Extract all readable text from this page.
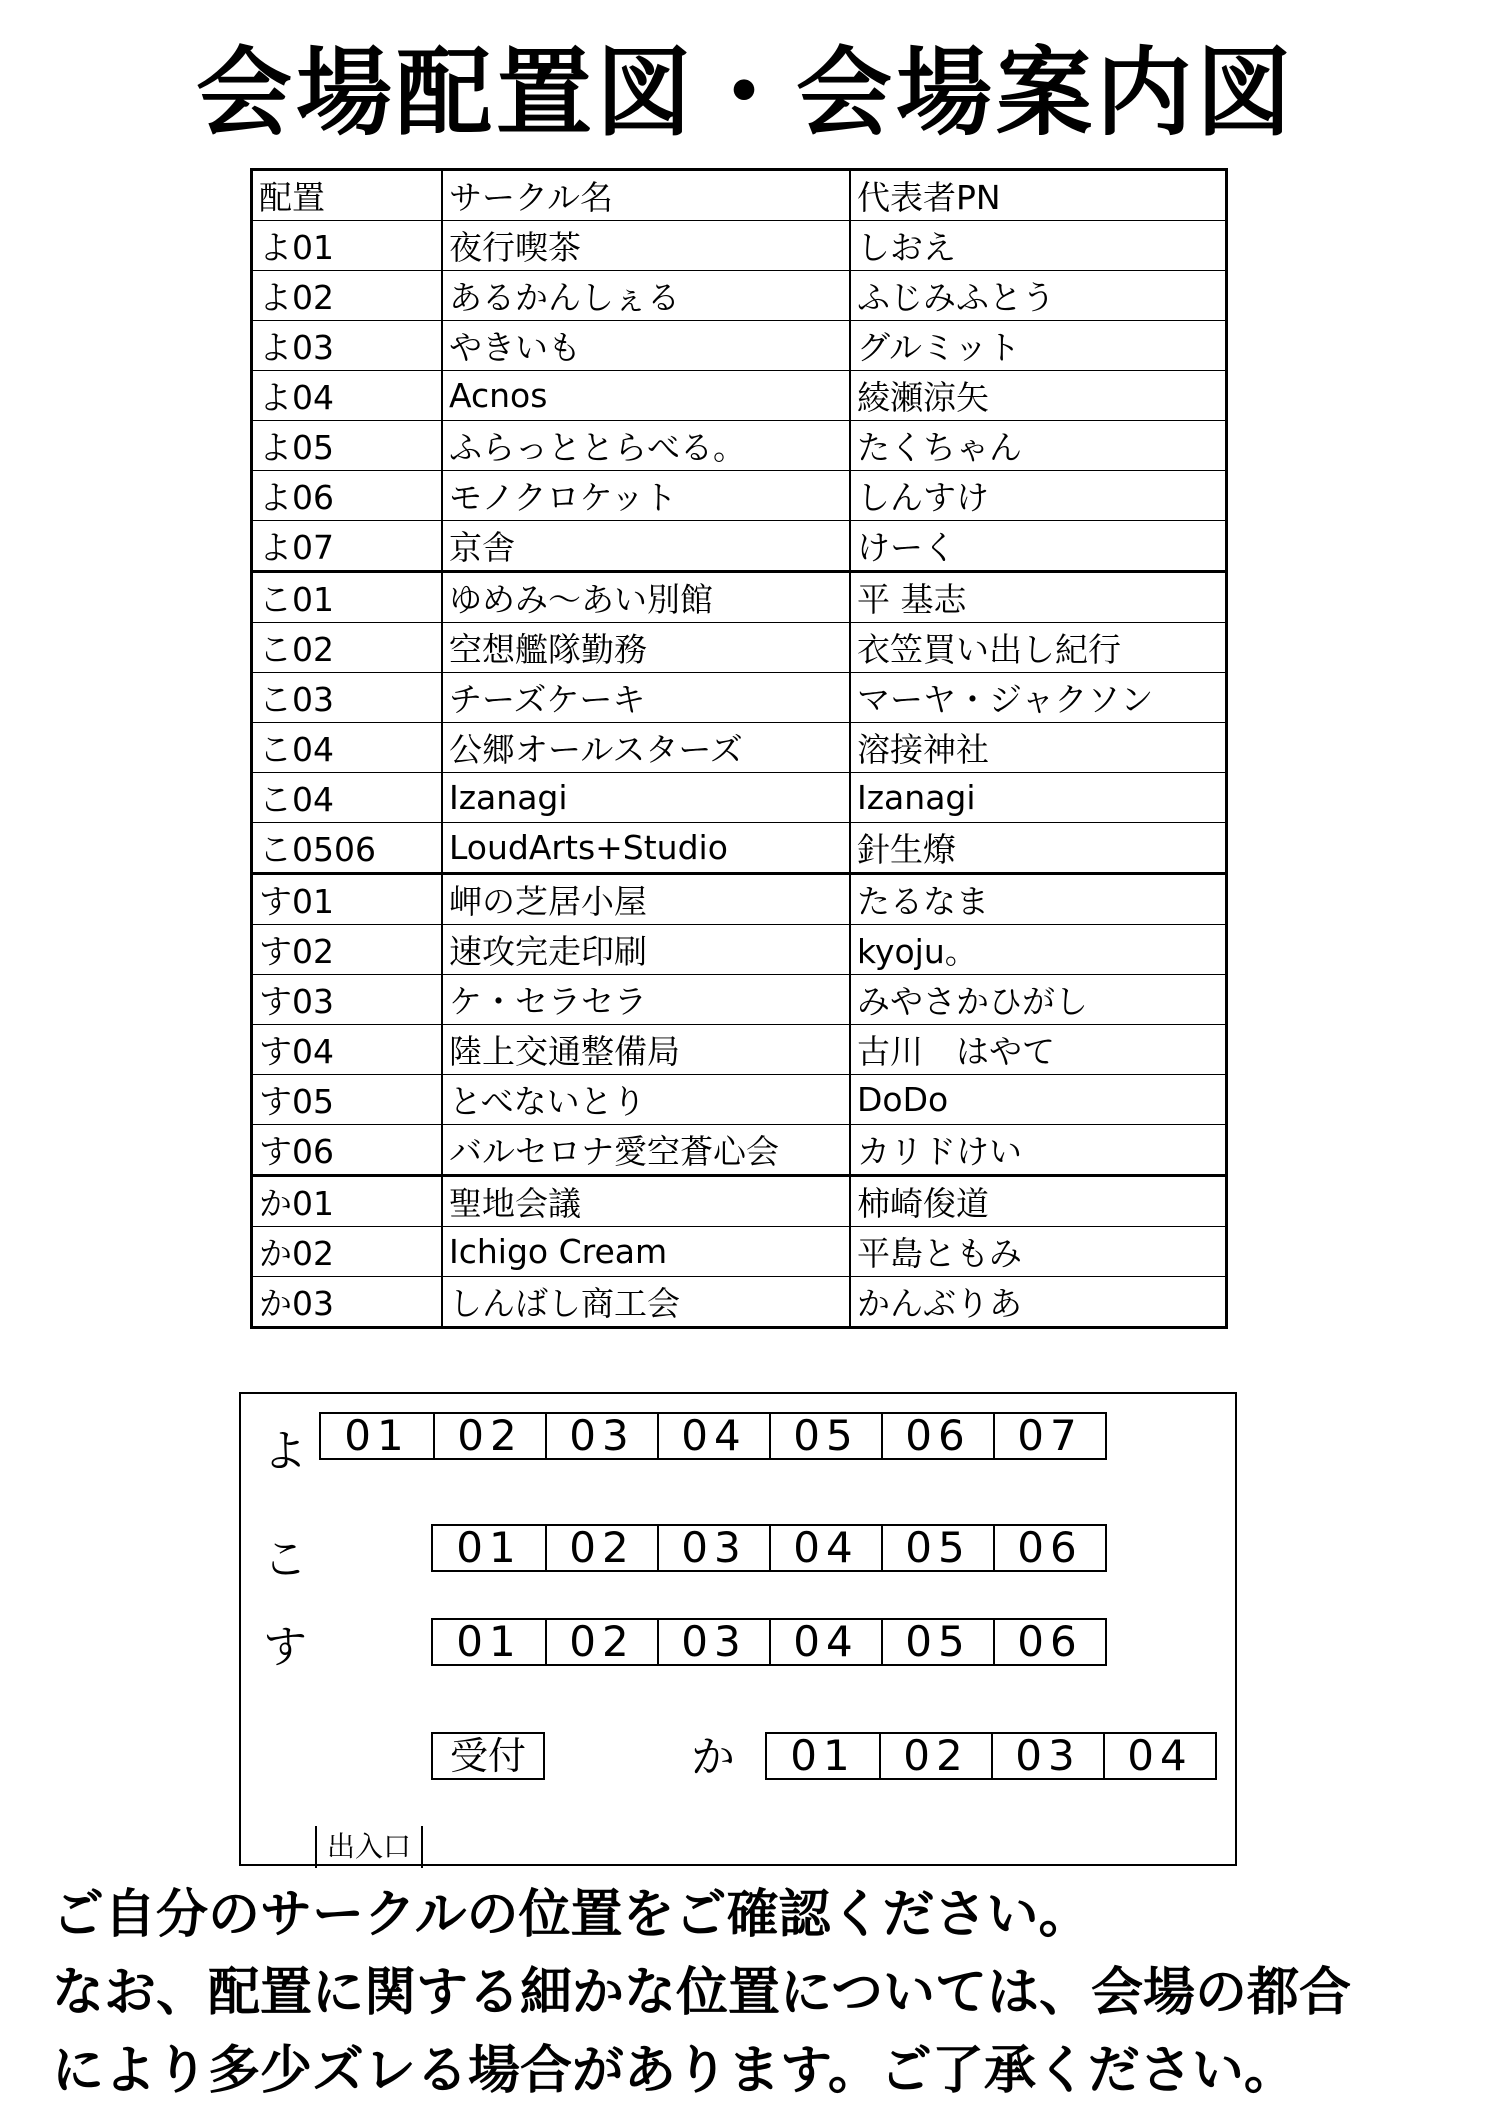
会場配置図・会場案内図
配置	サークル名	代表者PN
よ01	夜行喫茶	しおえ
よ02	あるかんしぇる	ふじみふとう
よ03	やきいも	グルミット
よ04	Acnos	綾瀬涼矢
よ05	ふらっととらべる。	たくちゃん
よ06	モノクロケット	しんすけ
よ07	京舎	けーく
こ01	ゆめみ～あい別館	平 基志
こ02	空想艦隊勤務	衣笠買い出し紀行
こ03	チーズケーキ	マーヤ・ジャクソン
こ04	公郷オールスターズ	溶接神社
こ04	Izanagi	Izanagi
こ0506	LoudArts+Studio	針生燎
す01	岬の芝居小屋	たるなま
す02	速攻完走印刷	kyoju。
す03	ケ・セラセラ	みやさかひがし
す04	陸上交通整備局	古川　はやて
す05	とべないとり	DoDo
す06	バルセロナ愛空蒼心会	カリドけい
か01	聖地会議	柿崎俊道
か02	Ichigo Cream	平島ともみ
か03	しんばし商工会	かんぶりあ
よ 01	02	03	04	05	06	07
こ	01	02	03	04	05	06
す	01	02	03	04	05	06
受付	か	01	02	03	04
出入口
ご自分のサークルの位置をご確認ください。
なお、配置に関する細かな位置については、会場の都合
により多少ズレる場合があります。ご了承ください。
